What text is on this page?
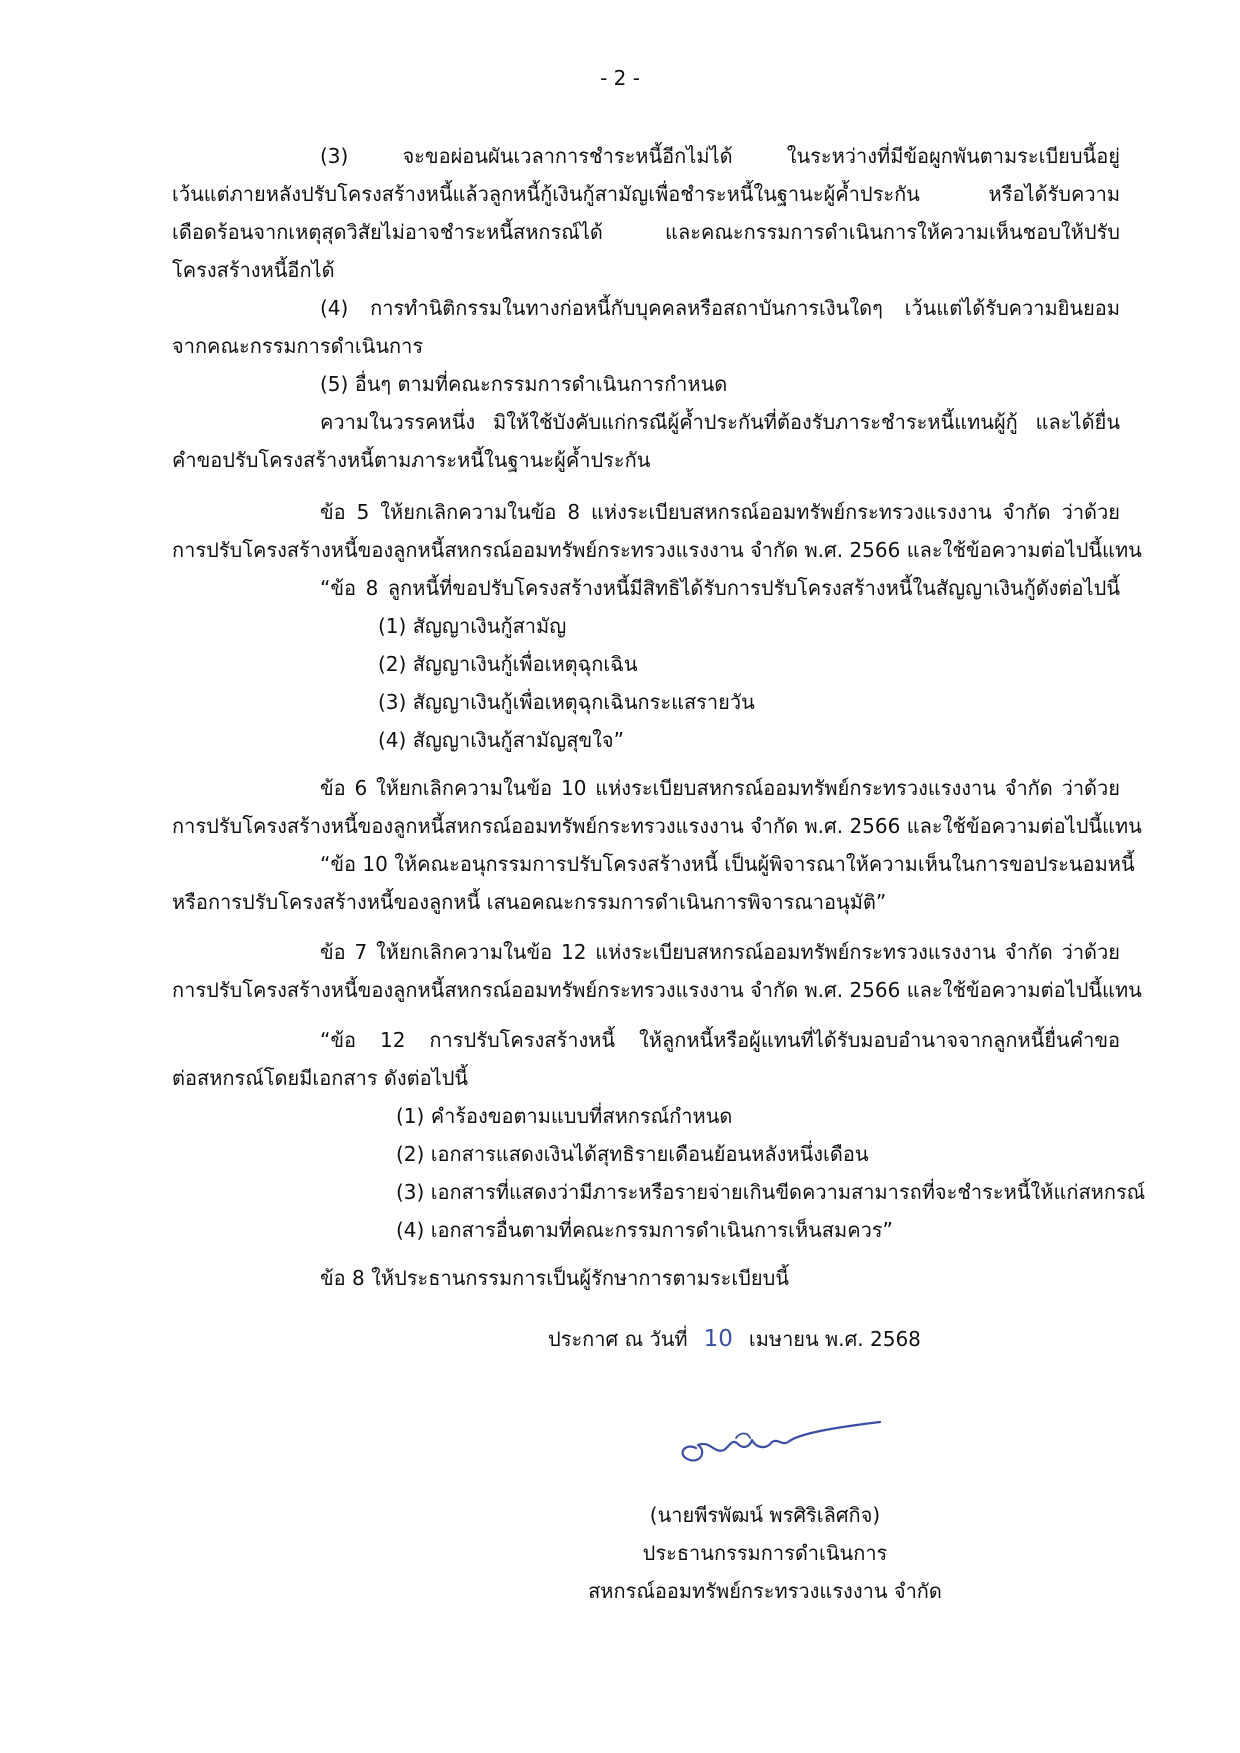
- 2 -
(3) จะขอผ่อนผันเวลาการชำระหนี้อีกไม่ได้ ในระหว่างที่มีข้อผูกพันตามระเบียบนี้อยู่
เว้นแต่ภายหลังปรับโครงสร้างหนี้แล้วลูกหนี้กู้เงินกู้สามัญเพื่อชำระหนี้ในฐานะผู้ค้ำประกัน หรือได้รับความ
เดือดร้อนจากเหตุสุดวิสัยไม่อาจชำระหนี้สหกรณ์ได้ และคณะกรรมการดำเนินการให้ความเห็นชอบให้ปรับ
โครงสร้างหนี้อีกได้
(4) การทำนิติกรรมในทางก่อหนี้กับบุคคลหรือสถาบันการเงินใดๆ เว้นแต่ได้รับความยินยอม
จากคณะกรรมการดำเนินการ
(5) อื่นๆ ตามที่คณะกรรมการดำเนินการกำหนด
ความในวรรคหนึ่ง มิให้ใช้บังคับแก่กรณีผู้ค้ำประกันที่ต้องรับภาระชำระหนี้แทนผู้กู้ และได้ยื่น
คำขอปรับโครงสร้างหนี้ตามภาระหนี้ในฐานะผู้ค้ำประกัน
ข้อ 5 ให้ยกเลิกความในข้อ 8 แห่งระเบียบสหกรณ์ออมทรัพย์กระทรวงแรงงาน จำกัด ว่าด้วย
การปรับโครงสร้างหนี้ของลูกหนี้สหกรณ์ออมทรัพย์กระทรวงแรงงาน จำกัด พ.ศ. 2566 และใช้ข้อความต่อไปนี้แทน
“ข้อ 8 ลูกหนี้ที่ขอปรับโครงสร้างหนี้มีสิทธิได้รับการปรับโครงสร้างหนี้ในสัญญาเงินกู้ดังต่อไปนี้
(1) สัญญาเงินกู้สามัญ
(2) สัญญาเงินกู้เพื่อเหตุฉุกเฉิน
(3) สัญญาเงินกู้เพื่อเหตุฉุกเฉินกระแสรายวัน
(4) สัญญาเงินกู้สามัญสุขใจ”
ข้อ 6 ให้ยกเลิกความในข้อ 10 แห่งระเบียบสหกรณ์ออมทรัพย์กระทรวงแรงงาน จำกัด ว่าด้วย
การปรับโครงสร้างหนี้ของลูกหนี้สหกรณ์ออมทรัพย์กระทรวงแรงงาน จำกัด พ.ศ. 2566 และใช้ข้อความต่อไปนี้แทน
“ข้อ 10 ให้คณะอนุกรรมการปรับโครงสร้างหนี้ เป็นผู้พิจารณาให้ความเห็นในการขอประนอมหนี้
หรือการปรับโครงสร้างหนี้ของลูกหนี้ เสนอคณะกรรมการดำเนินการพิจารณาอนุมัติ”
ข้อ 7 ให้ยกเลิกความในข้อ 12 แห่งระเบียบสหกรณ์ออมทรัพย์กระทรวงแรงงาน จำกัด ว่าด้วย
การปรับโครงสร้างหนี้ของลูกหนี้สหกรณ์ออมทรัพย์กระทรวงแรงงาน จำกัด พ.ศ. 2566 และใช้ข้อความต่อไปนี้แทน
“ข้อ 12 การปรับโครงสร้างหนี้ ให้ลูกหนี้หรือผู้แทนที่ได้รับมอบอำนาจจากลูกหนี้ยื่นคำขอ
ต่อสหกรณ์โดยมีเอกสาร ดังต่อไปนี้
(1) คำร้องขอตามแบบที่สหกรณ์กำหนด
(2) เอกสารแสดงเงินได้สุทธิรายเดือนย้อนหลังหนึ่งเดือน
(3) เอกสารที่แสดงว่ามีภาระหรือรายจ่ายเกินขีดความสามารถที่จะชำระหนี้ให้แก่สหกรณ์
(4) เอกสารอื่นตามที่คณะกรรมการดำเนินการเห็นสมควร”
ข้อ 8 ให้ประธานกรรมการเป็นผู้รักษาการตามระเบียบนี้
ประกาศ ณ วันที่ 10 เมษายน พ.ศ. 2568
(นายพีรพัฒน์ พรศิริเลิศกิจ)
ประธานกรรมการดำเนินการ
สหกรณ์ออมทรัพย์กระทรวงแรงงาน จำกัด
